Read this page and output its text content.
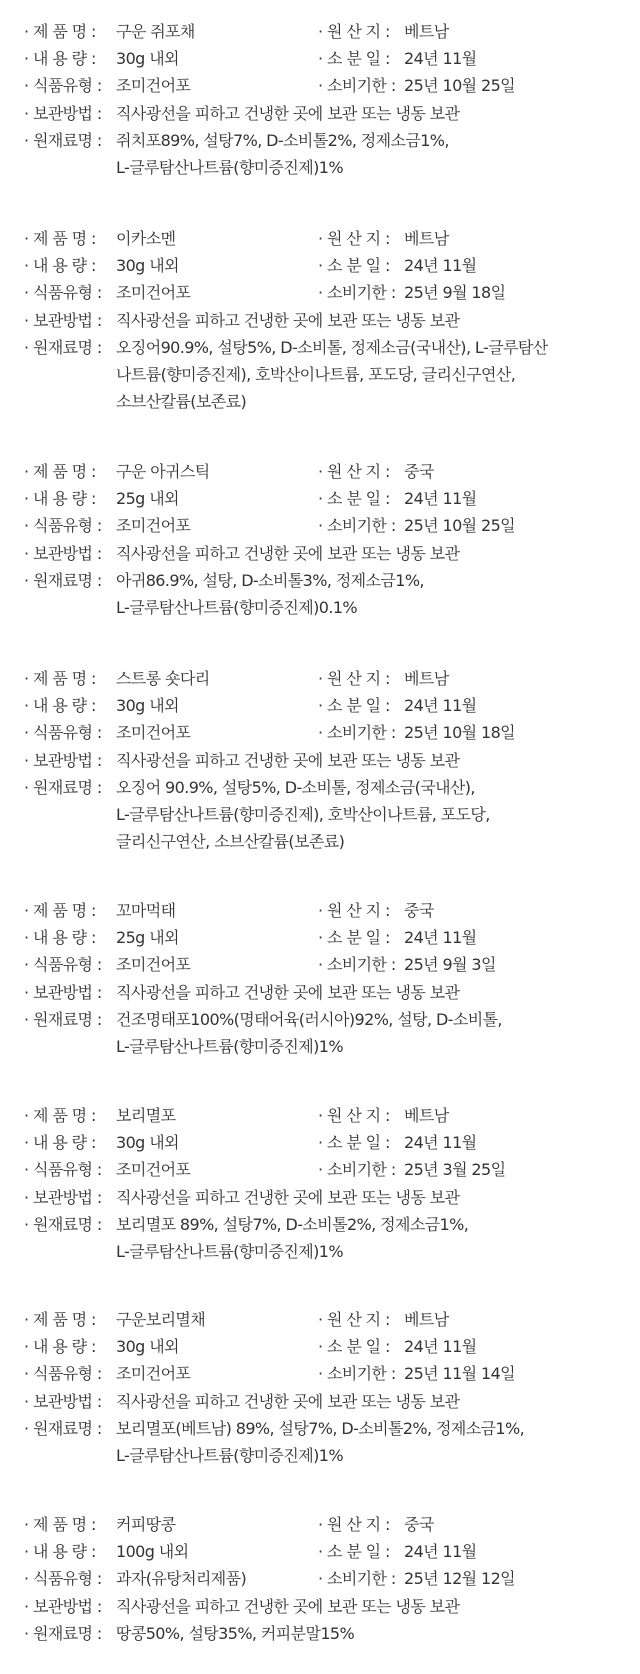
· 제 품 명 :	구운 쥐포채	· 원 산 지 : 베트남
· 내 용 량 :	30g 내외	· 소 분 일 : 24년 11월
· 식품유형 : 조미건어포	· 소비기한 : 25년 10월 25일
· 보관방법 : 직사광선을 피하고 건냉한 곳에 보관 또는 냉동 보관
· 원재료명 : 쥐치포89%, 설탕7%, D-소비톨2%, 정제소금1%,
L-글루탐산나트륨(향미증진제)1%
· 제 품 명 :	이카소멘	· 원 산 지 : 베트남
· 내 용 량 :	30g 내외	· 소 분 일 : 24년 11월
· 식품유형 : 조미건어포	· 소비기한 : 25년 9월 18일
· 보관방법 : 직사광선을 피하고 건냉한 곳에 보관 또는 냉동 보관
· 원재료명 : 오징어90.9%, 설탕5%, D-소비톨, 정제소금(국내산), L-글루탐산
나트륨(향미증진제), 호박산이나트륨, 포도당, 글리신구연산,
소브산칼륨(보존료)
· 제 품 명 :	구운 아귀스틱	· 원 산 지 : 중국
· 내 용 량 :	25g 내외	· 소 분 일 : 24년 11월
· 식품유형 : 조미건어포	· 소비기한 : 25년 10월 25일
· 보관방법 : 직사광선을 피하고 건냉한 곳에 보관 또는 냉동 보관
· 원재료명 : 아귀86.9%, 설탕, D-소비톨3%, 정제소금1%,
L-글루탐산나트륨(향미증진제)0.1%
· 제 품 명 :	스트롱 숏다리	· 원 산 지 : 베트남
· 내 용 량 :	30g 내외	· 소 분 일 : 24년 11월
· 식품유형 : 조미건어포	· 소비기한 : 25년 10월 18일
· 보관방법 : 직사광선을 피하고 건냉한 곳에 보관 또는 냉동 보관
· 원재료명 : 오징어 90.9%, 설탕5%, D-소비톨, 정제소금(국내산),
L-글루탐산나트륨(향미증진제), 호박산이나트륨, 포도당,
글리신구연산, 소브산칼륨(보존료)
· 제 품 명 :	꼬마먹태	· 원 산 지 : 중국
· 내 용 량 :	25g 내외	· 소 분 일 : 24년 11월
· 식품유형 : 조미건어포	· 소비기한 : 25년 9월 3일
· 보관방법 : 직사광선을 피하고 건냉한 곳에 보관 또는 냉동 보관
· 원재료명 : 건조명태포100%(명태어육(러시아)92%, 설탕, D-소비톨,
L-글루탐산나트륨(향미증진제)1%
· 제 품 명 :	보리멸포	· 원 산 지 : 베트남
· 내 용 량 :	30g 내외	· 소 분 일 : 24년 11월
· 식품유형 : 조미건어포	· 소비기한 : 25년 3월 25일
· 보관방법 : 직사광선을 피하고 건냉한 곳에 보관 또는 냉동 보관
· 원재료명 : 보리멸포 89%, 설탕7%, D-소비톨2%, 정제소금1%,
L-글루탐산나트륨(향미증진제)1%
· 제 품 명 :	구운보리멸채	· 원 산 지 : 베트남
· 내 용 량 :	30g 내외	· 소 분 일 : 24년 11월
· 식품유형 : 조미건어포	· 소비기한 : 25년 11월 14일
· 보관방법 : 직사광선을 피하고 건냉한 곳에 보관 또는 냉동 보관
· 원재료명 : 보리멸포(베트남) 89%, 설탕7%, D-소비톨2%, 정제소금1%,
L-글루탐산나트륨(향미증진제)1%
· 제 품 명 :	커피땅콩	· 원 산 지 : 중국
· 내 용 량 :	100g 내외	· 소 분 일 : 24년 11월
· 식품유형 : 과자(유탕처리제품)	· 소비기한 : 25년 12월 12일
· 보관방법 : 직사광선을 피하고 건냉한 곳에 보관 또는 냉동 보관
· 원재료명 : 땅콩50%, 설탕35%, 커피분말15%
